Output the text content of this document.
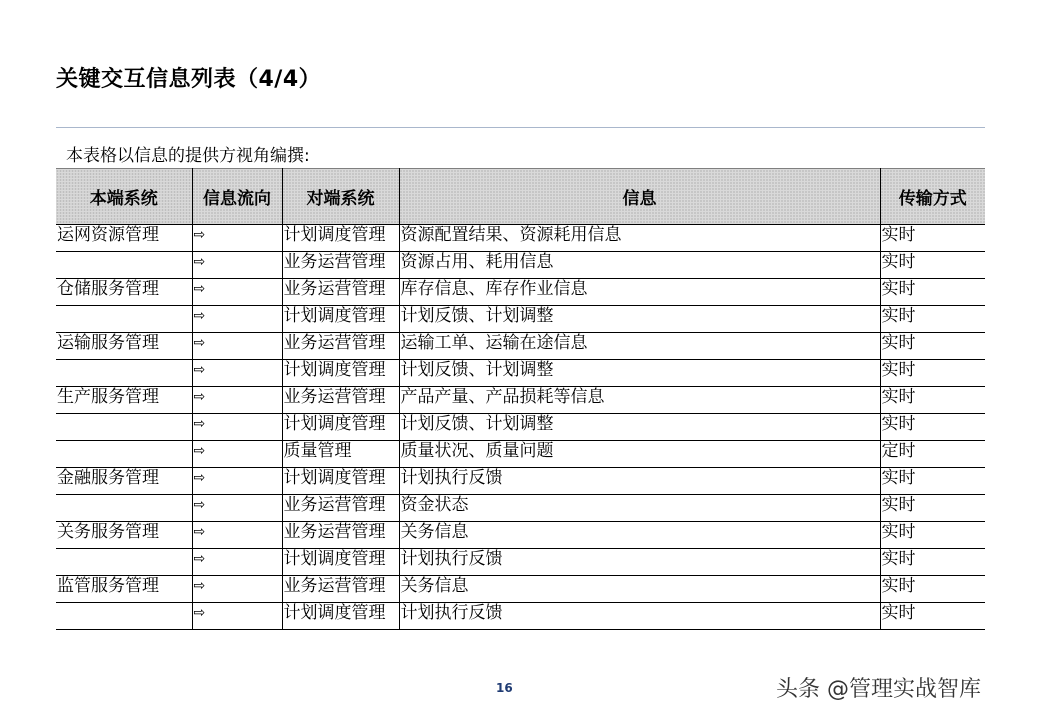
关键交互信息列表（4/4）
本表格以信息的提供方视角编撰:
本端系统	信息流向	对端系统	信息	传输方式
运网资源管理	⇨	计划调度管理	资源配置结果、资源耗用信息	实时
	⇨	业务运营管理	资源占用、耗用信息	实时
仓储服务管理	⇨	业务运营管理	库存信息、库存作业信息	实时
	⇨	计划调度管理	计划反馈、计划调整	实时
运输服务管理	⇨	业务运营管理	运输工单、运输在途信息	实时
	⇨	计划调度管理	计划反馈、计划调整	实时
生产服务管理	⇨	业务运营管理	产品产量、产品损耗等信息	实时
	⇨	计划调度管理	计划反馈、计划调整	实时
	⇨	质量管理	质量状况、质量问题	定时
金融服务管理	⇨	计划调度管理	计划执行反馈	实时
	⇨	业务运营管理	资金状态	实时
关务服务管理	⇨	业务运营管理	关务信息	实时
	⇨	计划调度管理	计划执行反馈	实时
监管服务管理	⇨	业务运营管理	关务信息	实时
	⇨	计划调度管理	计划执行反馈	实时
16	头条 @管理实战智库
